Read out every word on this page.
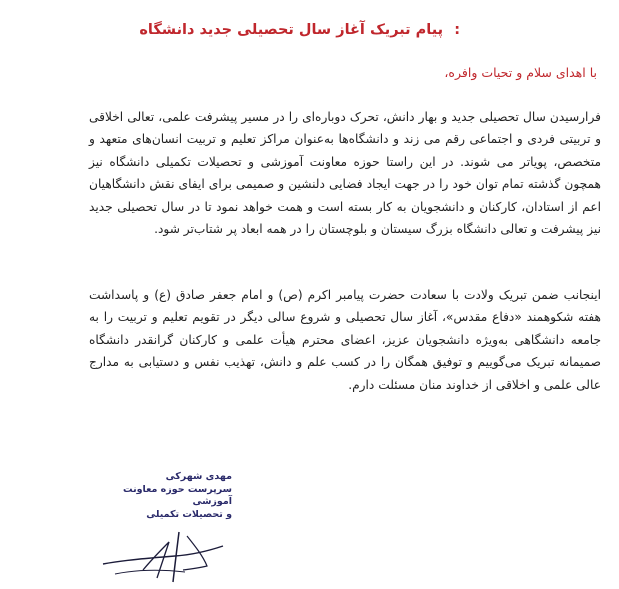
: پیام تبریک آغاز سال تحصیلی جدید دانشگاه
با اهدای سلام و تحیات وافره،

فرارسیدن سال تحصیلی جدید و بهار دانش، تحرک دوباره‌ای را در مسیر پیشرفت علمی، تعالی اخلاقی و تربیتی فردی و اجتماعی رقم می زند و دانشگاه‌ها به‌عنوان مراکز تعلیم و تربیت انسان‌های متعهد و متخصص، پویاتر می شوند. در این راستا حوزه معاونت آموزشی و تحصیلات تکمیلی دانشگاه نیز همچون گذشته تمام توان خود را در جهت ایجاد فضایی دلنشین و صمیمی برای ایفای نقش دانشگاهیان اعم از استادان، کارکنان و دانشجویان به کار بسته است و همت خواهد نمود تا در سال تحصیلی جدید نیز پیشرفت و تعالی دانشگاه بزرگ سیستان و بلوچستان را در همه ابعاد پر شتاب‌تر شود.

اینجانب ضمن تبریک ولادت با سعادت حضرت پیامبر اکرم (ص) و امام جعفر صادق (ع) و پاسداشت هفته شکوهمند «دفاع مقدس»، آغاز سال تحصیلی و شروع سالی دیگر در تقویم تعلیم و تربیت را به جامعه دانشگاهی به‌ویژه دانشجویان عزیز، اعضای محترم هیأت علمی و کارکنان گرانقدر دانشگاه صمیمانه تبریک می‌گوییم و توفیق همگان را در کسب علم و دانش، تهذیب نفس و دستیابی به مدارج عالی علمی و اخلاقی از خداوند منان مسئلت دارم.

مهدی شهرکی
سرپرست حوزه معاونت آموزشی
و تحصیلات تکمیلی
